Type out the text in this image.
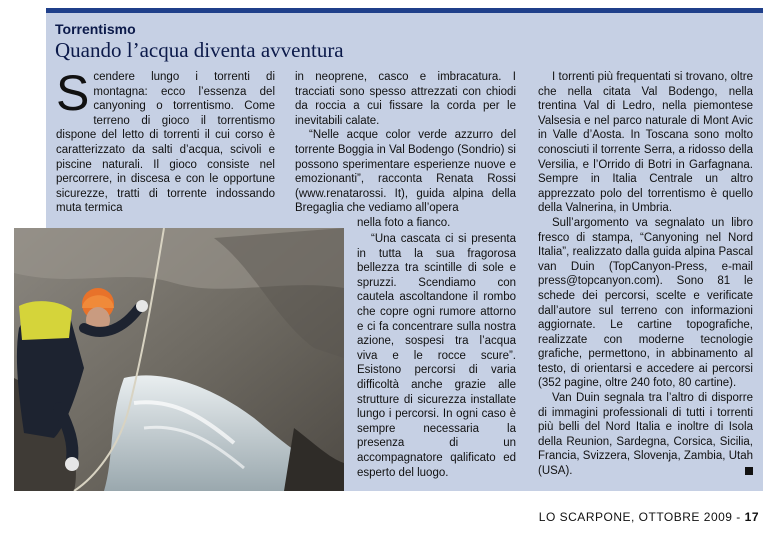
Torrentismo
Quando l’acqua diventa avventura

S cendere lungo i torrenti di montagna: ecco l’essenza del canyoning o torrentismo. Come terreno di gioco il torrentismo dispone del letto di torrenti il cui corso è caratterizzato da salti d’acqua, scivoli e piscine naturali. Il gioco consiste nel percorrere, in discesa e con le opportune sicurezze, tratti di torrente indossando muta termica

in neoprene, casco e imbracatura. I tracciati sono spesso attrezzati con chiodi da roccia a cui fissare la corda per le inevitabili calate.

“Nelle acque color verde azzurro del torrente Boggia in Val Bodengo (Sondrio) si possono sperimentare esperienze nuove e emozionanti”, racconta Renata Rossi (www.renatarossi. It), guida alpina della Bregaglia che vediamo all’opera

nella foto a fianco.

“Una cascata ci si presenta in tutta la sua fragorosa bellezza tra scintille di sole e spruzzi. Scendiamo con cautela ascoltandone il rombo che copre ogni rumore attorno e ci fa concentrare sulla nostra azione, sospesi tra l’acqua viva e le rocce scure”. Esistono percorsi di varia difficoltà anche grazie alle strutture di sicurezza installate lungo i percorsi. In ogni caso è sempre necessaria la presenza di un accompagnatore qalificato ed esperto del luogo.

I torrenti più frequentati si trovano, oltre che nella citata Val Bodengo, nella trentina Val di Ledro, nella piemontese Valsesia e nel parco naturale di Mont Avic in Valle d’Aosta. In Toscana sono molto conosciuti il torrente Serra, a ridosso della Versilia, e l’Orrido di Botri in Garfagnana. Sempre in Italia Centrale un altro apprezzato polo del torrentismo è quello della Valnerina, in Umbria.

Sull’argomento va segnalato un libro fresco di stampa, “Canyoning nel Nord Italia”, realizzato dalla guida alpina Pascal van Duin (TopCanyon-Press, e-mail press@topcanyon.com). Sono 81 le schede dei percorsi, scelte e verificate dall’autore sul terreno con informazioni aggiornate. Le cartine topografiche, realizzate con moderne tecnologie grafiche, permettono, in abbinamento al testo, di orientarsi e accedere ai percorsi (352 pagine, oltre 240 foto, 80 cartine).

Van Duin segnala tra l’altro di disporre di immagini professionali di tutti i torrenti più belli del Nord Italia e inoltre di Isola della Reunion, Sardegna, Corsica, Sicilia, Francia, Svizzera, Slovenja, Zambia, Utah (USA).

LO SCARPONE, OTTOBRE 2009 - 17
